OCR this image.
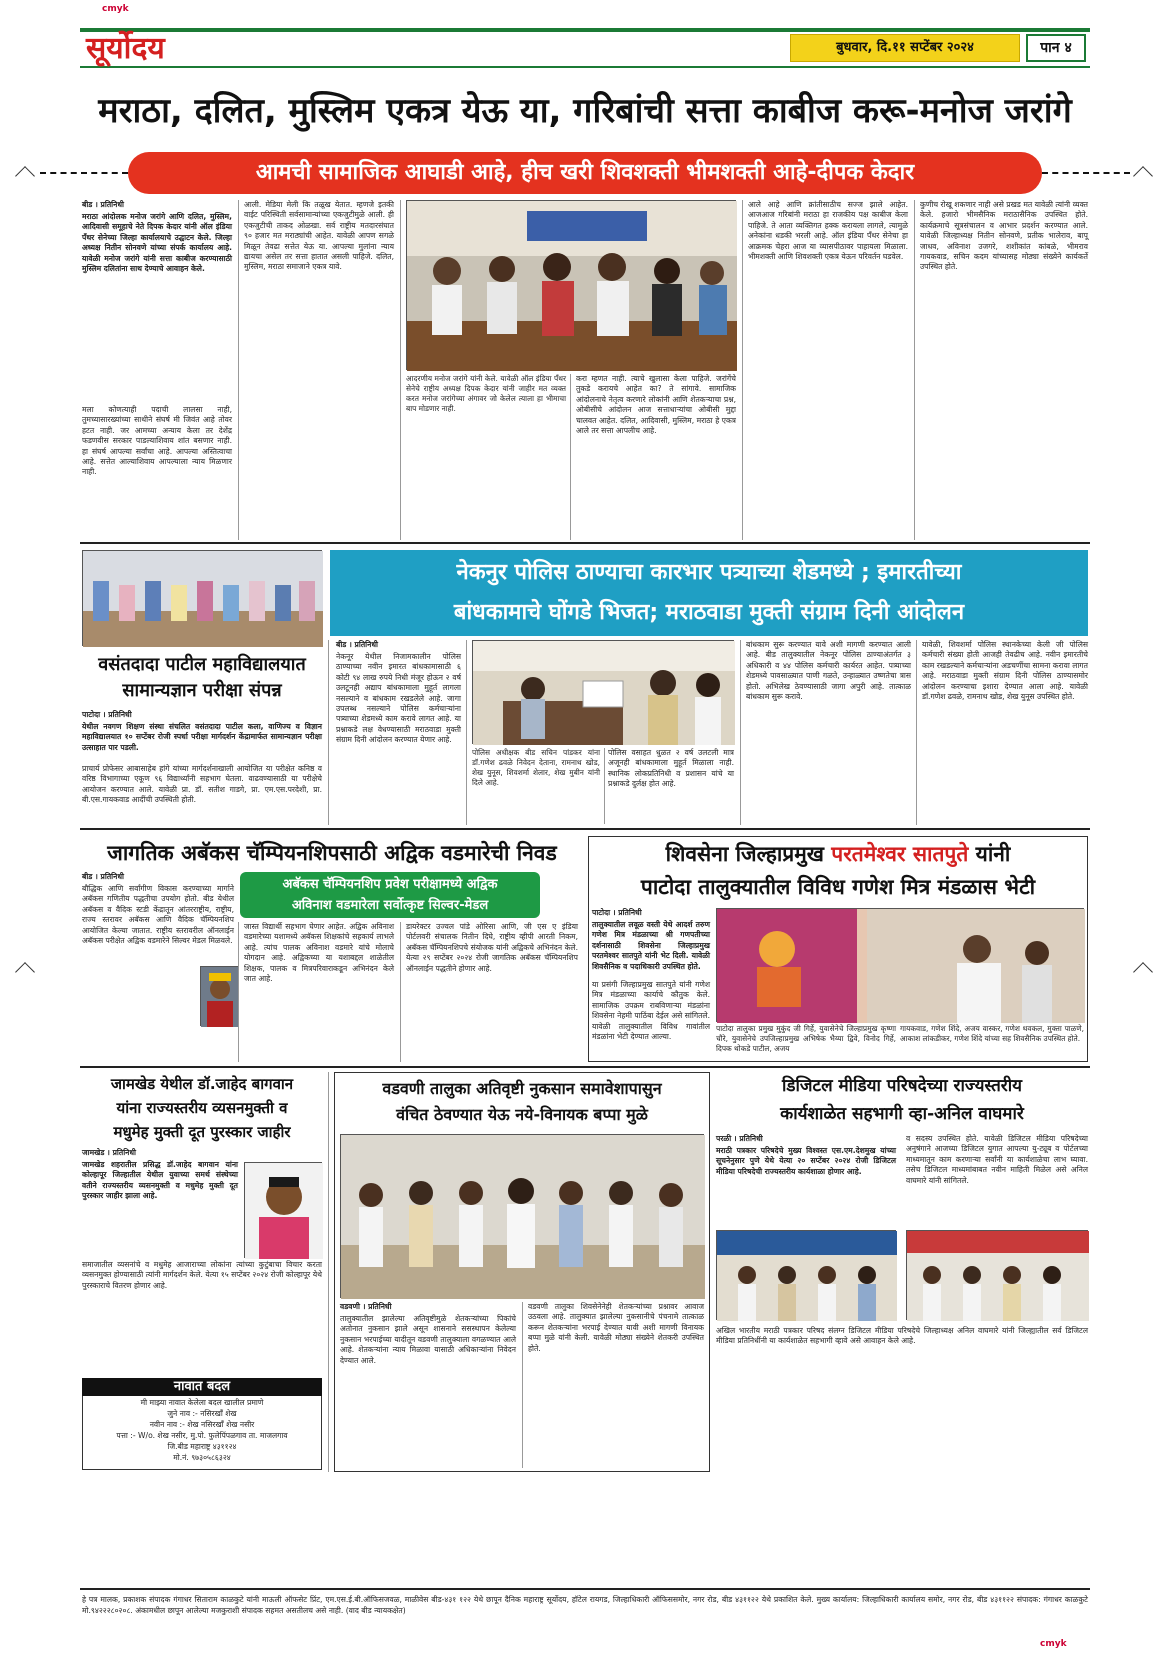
cmyk
cmyk
सूर्योदय	बुधवार, दि.११ सप्टेंबर २०२४	पान ४
मराठा, दलित, मुस्लिम एकत्र येऊ या, गरिबांची सत्ता काबीज करू-मनोज जरांगे
आमची सामाजिक आघाडी आहे, हीच खरी शिवशक्ती भीमशक्ती आहे-दीपक केदार
बीड । प्रतिनिधी
मराठा आंदोलक मनोज जरांगे आणि दलित, मुस्लिम, आदिवासी समूहाचे नेते दिपक केदार यांनी ऑल इंडिया पँथर सेनेच्या जिल्हा कार्यालयाचे उद्घाटन केले. जिल्हा अध्यक्ष नितीन सोनवणे यांच्या संपर्क कार्यालय आहे. यावेळी मनोज जरांगे यांनी सत्ता काबीज करण्यासाठी मुस्लिम दलितांना साथ देण्याचे आवाहन केले.
मला कोणत्याही पदाची लालसा नाही, तुमच्यासारख्यांच्या साथीने संघर्ष मी जिवंत आहे तोवर हटत नाही. जर आमच्या अन्याय केला तर देशेंद्र फडणवीस सरकार पाडल्याशिवाय शांत बसणार नाही. हा संघर्ष आपल्या सर्वांचा आहे. आपल्या अस्तित्वाचा आहे. सत्तेत आल्याशिवाय आपल्याला न्याय मिळणार नाही.
आली. मेडिया मेली कि तळूख येतात. म्हणजे इतकी वाईट परिस्थिती सर्वसामान्यांच्या एकजुटीमुळे आली. ही एकजुटीची ताकद ओळखा. सर्व राष्ट्रीय मतदारसंघात ९० हजार मत मराठ्यांची आहेत. यावेळी आपण सगळे मिळून तेवढा सत्तेत येऊ या. आपल्या मुलांना न्याय द्यायचा असेल तर सत्ता हातात असली पाहिजे. दलित, मुस्लिम, मराठा समाजाने एकत्र यावे.
आदरणीय मनोज जरांगे यांनी केले. यावेळी ऑल इंडिया पँथर सेनेचे राष्ट्रीय अध्यक्ष दिपक केदार यांनी जाहीर मत व्यक्त करत मनोज जरांगेच्या अंगावर जो केलेल त्याला हा भीमाचा बाप मोडणार नाही.
करा म्हणत नाही. त्याचे खुलासा केला पाहिजे. जरांगेंचे तुकडे करायचे आहेत का? ते सांगावे. सामाजिक आंदोलनाचे नेतृत्व करणारे लोकांनी आणि शेतकऱ्याचा प्रश्न, ओबीसीचे आंदोलन आज सत्ताधाऱ्यांचा ओबीसी मुद्दा चालवत आहेत. दलित, आदिवासी, मुस्लिम, मराठा हे एकत्र आले तर सत्ता आपलीच आहे.
आले आहे आणि क्रांतीसाठीच सज्ज झाले आहेत. आजआज गरिबांनी मराठा हा राजकीय पक्ष काबीज केला पाहिजे. ते आता व्यक्तिगत हक्क करायला लागले, त्यामुळे अनेकांना धडकी भरली आहे. ऑल इंडिया पँथर सेनेचा हा आक्रमक चेहरा आज या व्यासपीठावर पाहायला मिळाला. भीमशक्ती आणि शिवशक्ती एकत्र येऊन परिवर्तन घडवेल.
कुणीच रोखू शकणार नाही असे प्रखड मत यावेळी त्यांनी व्यक्त केले. हजारो भीमसैनिक मराठासैनिक उपस्थित होते. कार्यक्रमाचे सूत्रसंचालन व आभार प्रदर्शन करण्यात आले. यावेळी जिल्हाध्यक्ष नितीन सोनवणे, प्रतीक भालेराव, बापू जाधव, अविनाश उजगरे, शशीकांत कांबळे, भीमराव गायकवाड, सचिन कदम यांच्यासह मोठ्या संख्येने कार्यकर्ते उपस्थित होते.
वसंतदादा पाटील महाविद्यालयात सामान्यज्ञान परीक्षा संपन्न
नेकनुर पोलिस ठाण्याचा कारभार पत्र्याच्या शेडमध्ये ; इमारतीच्या
बांधकामाचे घोंगडे भिजत; मराठवाडा मुक्ती संग्राम दिनी आंदोलन
पाटोदा । प्रतिनिधी
येथील नवगण शिक्षण संस्था संचलित वसंतदादा पाटील कला, वाणिज्य व विज्ञान महाविद्यालयात १० सप्टेंबर रोजी स्पर्धा परीक्षा मार्गदर्शन केंद्रामार्फत सामान्यज्ञान परीक्षा उत्साहात पार पडली.
प्राचार्य प्रोफेसर आबासाहेब हांगे यांच्या मार्गदर्शनाखाली आयोजित या परीक्षेत कनिष्ठ व वरिष्ठ विभागाच्या एकूण ९६ विद्यार्थ्यांनी सहभाग घेतला. वाढवण्यासाठी या परीक्षेचे आयोजन करण्यात आले. यावेळी प्रा. डॉ. सतीश गाडगे, प्रा. एम.एस.परदेशी, प्रा. बी.एस.गायकवाड आदींची उपस्थिती होती.
बीड । प्रतिनिधी
नेकनूर येथील निजामकालीन पोलिस ठाण्याच्या नवीन इमारत बांधकामासाठी ६ कोटी ९४ लाख रुपये निधी मंजूर होऊन २ वर्ष उलटूनही अद्याप बांधकामाला मुहूर्त लागला नसल्याने व बांधकाम रखडलेले आहे. जागा उपलब्ध नसल्याने पोलिस कर्मचाऱ्यांना पत्र्याच्या शेडमध्ये काम करावे लागत आहे. या प्रश्नाकडे लक्ष वेधण्यासाठी मराठवाडा मुक्ती संग्राम दिनी आंदोलन करण्यात येणार आहे.
पोलिस अधीक्षक बीड सचिन पांडकर यांना डॉ.गणेश ढवळे निवेदन देताना, रामनाथ खोड, शेख युनूस, शिवशर्मा शेलार, शेख मुबीन यांनी दिले आहे.
पोलिस वसाहत धुळत २ वर्ष उलटली मात्र अजूनही बांधकामाला मुहूर्त मिळाला नाही. स्थानिक लोकप्रतिनिधी व प्रशासन यांचे या प्रश्नाकडे दुर्लक्ष होत आहे.
बांधकाम सुरू करण्यात यावे अशी मागणी करण्यात आली आहे. बीड तालुक्यातील नेकनूर पोलिस ठाण्याअंतर्गत ३ अधिकारी व ४४ पोलिस कर्मचारी कार्यरत आहेत. पत्र्याच्या शेडमध्ये पावसाळ्यात पाणी गळते, उन्हाळ्यात उष्णतेचा त्रास होतो. अभिलेख ठेवण्यासाठी जागा अपुरी आहे. तात्काळ बांधकाम सुरू करावे.
यावेळी, शिवशर्मा पोलिस स्थानकेच्या केली जी पोलिस कर्मचारी संख्या होती आजही तेवढीच आहे. नवीन इमारतीचे काम रखडल्याने कर्मचाऱ्यांना अडचणींचा सामना करावा लागत आहे. मराठवाडा मुक्ती संग्राम दिनी पोलिस ठाण्यासमोर आंदोलन करण्याचा इशारा देण्यात आला आहे. यावेळी डॉ.गणेश ढवळे, रामनाथ खोड, शेख युनूस उपस्थित होते.
जागतिक अबॅकस चॅम्पियनशिपसाठी अद्विक वडमारेची निवड
अबॅकस चॅम्पियनशिप प्रवेश परीक्षामध्ये अद्विक
अविनाश वडमारेला सर्वोत्कृष्ट सिल्वर-मेडल
बीड । प्रतिनिधी
बौद्धिक आणि सर्वांगीण विकास करण्याच्या मार्गाने अबॅकस गणितीय पद्धतीचा उपयोग होतो. बीड येथील अबॅकस व वैदिक स्टडी केंद्रातून आंतरराष्ट्रीय, राष्ट्रीय, राज्य स्तरावर अबॅकस आणि वैदिक चॅम्पियनशिप आयोजित केल्या जातात. राष्ट्रीय स्तरावरील ऑनलाईन अबॅकस परीक्षेत अद्विक वडमारेने सिल्वर मेडल मिळवले.
जास्त विद्यार्थी सहभाग घेणार आहेत. अद्विक अविनाश वडमारेच्या यशामध्ये अबॅकस शिक्षकांचे सहकार्य लाभले आहे. त्यांच पालक अविनाश वडमारे यांचे मोलाचे योगदान आहे. अद्विकच्या या यशाबद्दल शाळेतील शिक्षक, पालक व मित्रपरिवाराकडून अभिनंदन केले जात आहे.
डायरेक्टर उज्वल पांडे ओरिसा आणि, जी एस ए इंडिया पोर्टलवरी संचालक नितीन दिघे, राष्ट्रीय व्हीपी आरती निकम, अबॅकस चॅम्पियनशिपचे संयोजक यांनी अद्विकचे अभिनंदन केले. येत्या २९ सप्टेंबर २०२४ रोजी जागतिक अबॅकस चॅम्पियनशिप ऑनलाईन पद्धतीने होणार आहे.
शिवसेना जिल्हाप्रमुख परतमेश्वर सातपुते यांनी
पाटोदा तालुक्यातील विविध गणेश मित्र मंडळास भेटी
पाटोदा । प्रतिनिधी
तालुक्यातील लवूळ वस्ती येथे आदर्श तरुण गणेश मित्र मंडळाच्या श्री गणपतीच्या दर्शनासाठी शिवसेना जिल्हाप्रमुख परतमेश्वर सातपुते यांनी भेट दिली. यावेळी शिवसैनिक व पदाधिकारी उपस्थित होते.
या प्रसंगी जिल्हाप्रमुख सातपुते यांनी गणेश मित्र मंडळाच्या कार्याचे कौतुक केले. सामाजिक उपक्रम राबविणाऱ्या मंडळांना शिवसेना नेहमी पाठिंबा देईल असे सांगितले. यावेळी तालुक्यातील विविध गावांतील मंडळांना भेटी देण्यात आल्या.
पाटोदा तालुका प्रमुख मुकुंद जी गिर्हे, युवासेनेचे जिल्हाप्रमुख कृष्णा चौरे, युवासेनेचे उपजिल्हाप्रमुख अभिषेक भैय्या द्विवे, विनोद गिर्हे, दिपक थोकडे पाटील, अजय
गायकवाड, गणेश शिंदे, अजय वास्कर, गणेश थवकल, मुक्ता पाळणे, आकाश लांकडीकर, गणेश शिंदे यांच्या सह शिवसैनिक उपस्थित होते.
जामखेड येथील डॉ.जाहेद बागवान
यांना राज्यस्तरीय व्यसनमुक्ती व
मधुमेह मुक्ती दूत पुरस्कार जाहीर
जामखेड । प्रतिनिधी
जामखेड शहरातील प्रसिद्ध डॉ.जाहेद बागवान यांना कोल्हापूर जिल्हातील येथील युवाच्या समर्थ संस्थेच्या वतीने राज्यस्तरीय व्यसनमुक्ती व मधुमेह मुक्ती दूत पुरस्कार जाहीर झाला आहे.
समाजातील व्यसनांचे व मधुमेह आजाराच्या लोकांना त्यांच्या कुटुंबाचा विचार करता व्यसनमुक्त होण्यासाठी त्यांनी मार्गदर्शन केले. येत्या १५ सप्टेंबर २०२४ रोजी कोल्हापूर येथे पुरस्काराचे वितरण होणार आहे.
नावात बदल
मी माझ्या नावात केलेला बदल खालील प्रमाणे
जुने नाव :- नसिरखाँ शेख
नवीन नाव :- शेख नसिरखाँ शेख नसीर
पत्ता :- W/o. शेख नसीर, मु.पो. फुलेपिंपळगाव ता. माजलगाव
जि.बीड महाराष्ट्र ४३११२४
मो.नं. ९७३०५८६३२४
वडवणी तालुका अतिवृष्टी नुकसान समावेशापासुन
वंचित ठेवण्यात येऊ नये-विनायक बप्पा मुळे
वडवणी । प्रतिनिधी
तालुक्यातील झालेल्या अतिवृष्टीमुळे शेतकऱ्यांच्या पिकांचे अतोनात नुकसान झाले असून शासनाने ससस्थापन केलेल्या नुकसान भरपाईच्या यादीतून वडवणी तालुक्याला वगळण्यात आले आहे. शेतकऱ्यांना न्याय मिळावा यासाठी अधिकाऱ्यांना निवेदन देण्यात आले.
वडवणी तालुका शिवसेनेनेही शेतकऱ्यांच्या प्रश्नावर आवाज उठवला आहे. तालुक्यात झालेल्या नुकसानीचे पंचनामे तात्काळ करून शेतकऱ्यांना भरपाई देण्यात यावी अशी मागणी विनायक बप्पा मुळे यांनी केली. यावेळी मोठ्या संख्येने शेतकरी उपस्थित होते.
डिजिटल मीडिया परिषदेच्या राज्यस्तरीय
कार्यशाळेत सहभागी व्हा-अनिल वाघमारे
परळी । प्रतिनिधी
मराठी पत्रकार परिषदेचे मुख्य विश्वस्त एस.एम.देशमुख यांच्या सूचनेनुसार पुणे येथे येत्या २० सप्टेंबर २०२४ रोजी डिजिटल मीडिया परिषदेची राज्यस्तरीय कार्यशाळा होणार आहे.
व सदस्य उपस्थित होते. यावेळी डिजिटल मीडिया परिषदेच्या अनुषंगाने आजच्या डिजिटल युगात आपल्या यु-ट्यूब व पोर्टलच्या माध्यमातून काम करणाऱ्या सर्वांनी या कार्यशाळेचा लाभ घ्यावा. तसेच डिजिटल माध्यमांबाबत नवीन माहिती मिळेल असे अनिल वाघमारे यांनी सांगितले.
अखिल भारतीय मराठी पत्रकार परिषद संलग्न डिजिटल मीडिया परिषदेचे जिल्हाध्यक्ष अनिल वाघमारे यांनी जिल्ह्यातील सर्व डिजिटल मीडिया प्रतिनिधींनी या कार्यशाळेत सहभागी व्हावे असे आवाहन केले आहे.
हे पत्र मालक, प्रकाशक संपादक गंगाधर सिताराम काळकुटे यांनी माऊली ऑफसेट प्रिंट, एम.एस.ई.बी.ऑफिसजवळ, माळीवेस बीड-४३१ १२२ येथे छापून दैनिक महाराष्ट्र सूर्योदय, हॉटेल रायगड, जिल्हाधिकारी ऑफिससमोर, नगर रोड, बीड ४३११२२ येथे प्रकाशित केले. मुख्य कार्यालय: जिल्हाधिकारी कार्यालय समोर, नगर रोड, बीड ४३११२२ संपादक: गंगाधर काळकुटे मो.९४२२२८०२०८. अंकामधील छापून आलेल्या मजकुराशी संपादक सहमत असतीलच असे नाही. (वाद बीड न्यायकक्षेत)
